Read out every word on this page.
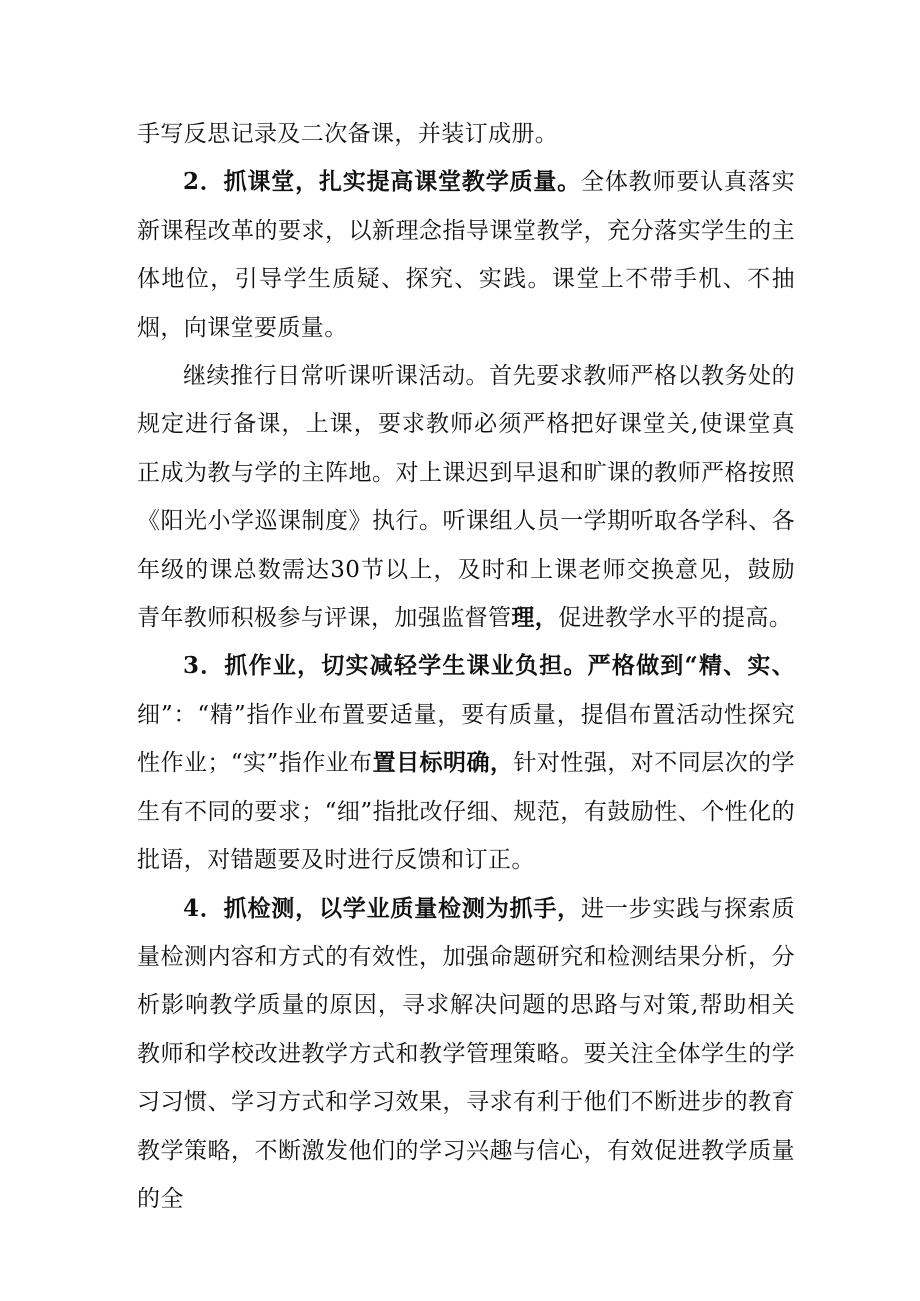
手写反思记录及二次备课，并装订成册。

2．抓课堂，扎实提高课堂教学质量。全体教师要认真落实新课程改革的要求，以新理念指导课堂教学，充分落实学生的主体地位，引导学生质疑、探究、实践。课堂上不带手机、不抽烟，向课堂要质量。

继续推行日常听课听课活动。首先要求教师严格以教务处的规定进行备课，上课，要求教师必须严格把好课堂关,使课堂真正成为教与学的主阵地。对上课迟到早退和旷课的教师严格按照《阳光小学巡课制度》执行。听课组人员一学期听取各学科、各年级的课总数需达30节以上，及时和上课老师交换意见，鼓励青年教师积极参与评课，加强监督管理，促进教学水平的提高。

3．抓作业，切实减轻学生课业负担。严格做到“精、实、细”：“精”指作业布置要适量，要有质量，提倡布置活动性探究性作业；“实”指作业布置目标明确，针对性强，对不同层次的学生有不同的要求；“细”指批改仔细、规范，有鼓励性、个性化的批语，对错题要及时进行反馈和订正。

4．抓检测，以学业质量检测为抓手，进一步实践与探索质量检测内容和方式的有效性，加强命题研究和检测结果分析，分析影响教学质量的原因，寻求解决问题的思路与对策,帮助相关教师和学校改进教学方式和教学管理策略。要关注全体学生的学习习惯、学习方式和学习效果，寻求有利于他们不断进步的教育教学策略，不断激发他们的学习兴趣与信心，有效促进教学质量的全
